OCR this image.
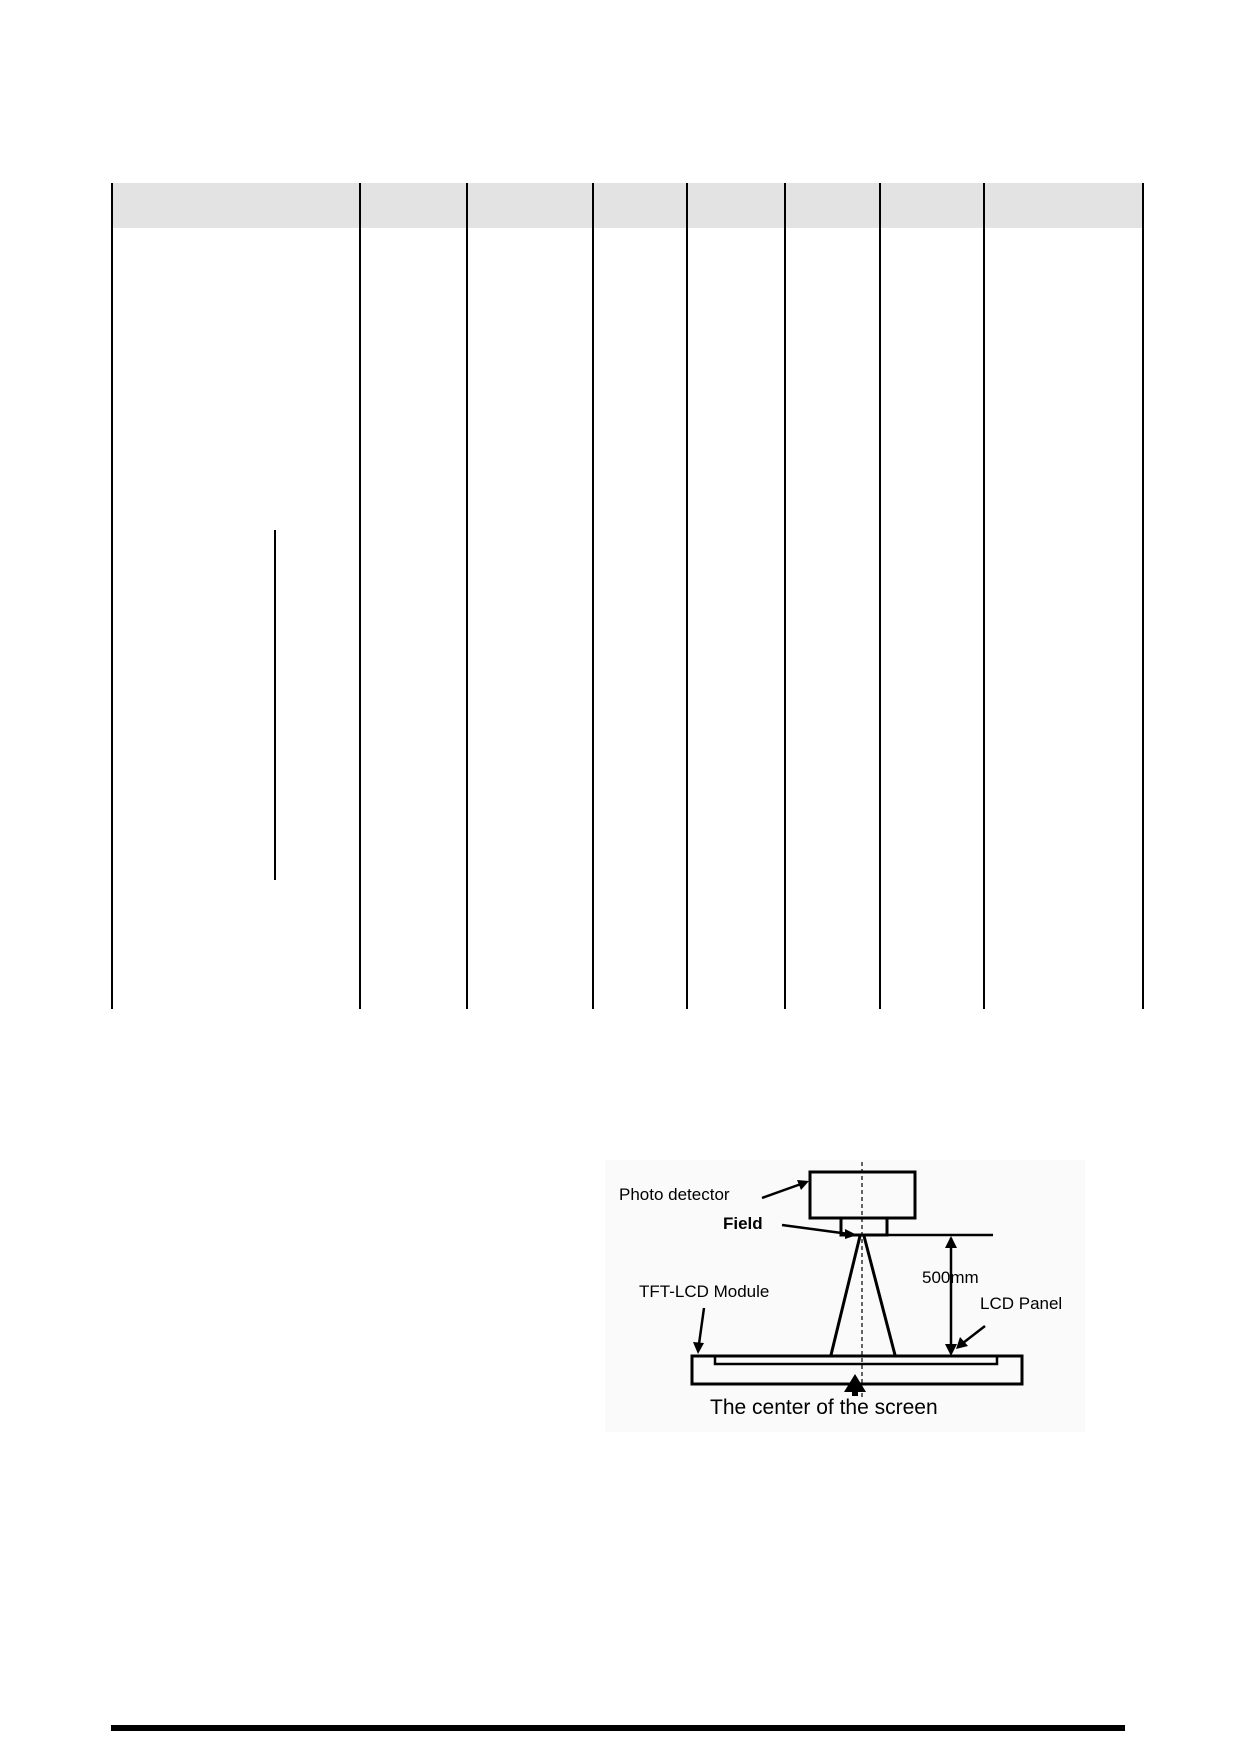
Photo detector
Field
500mm
TFT-LCD Module
LCD Panel
The center of the screen
